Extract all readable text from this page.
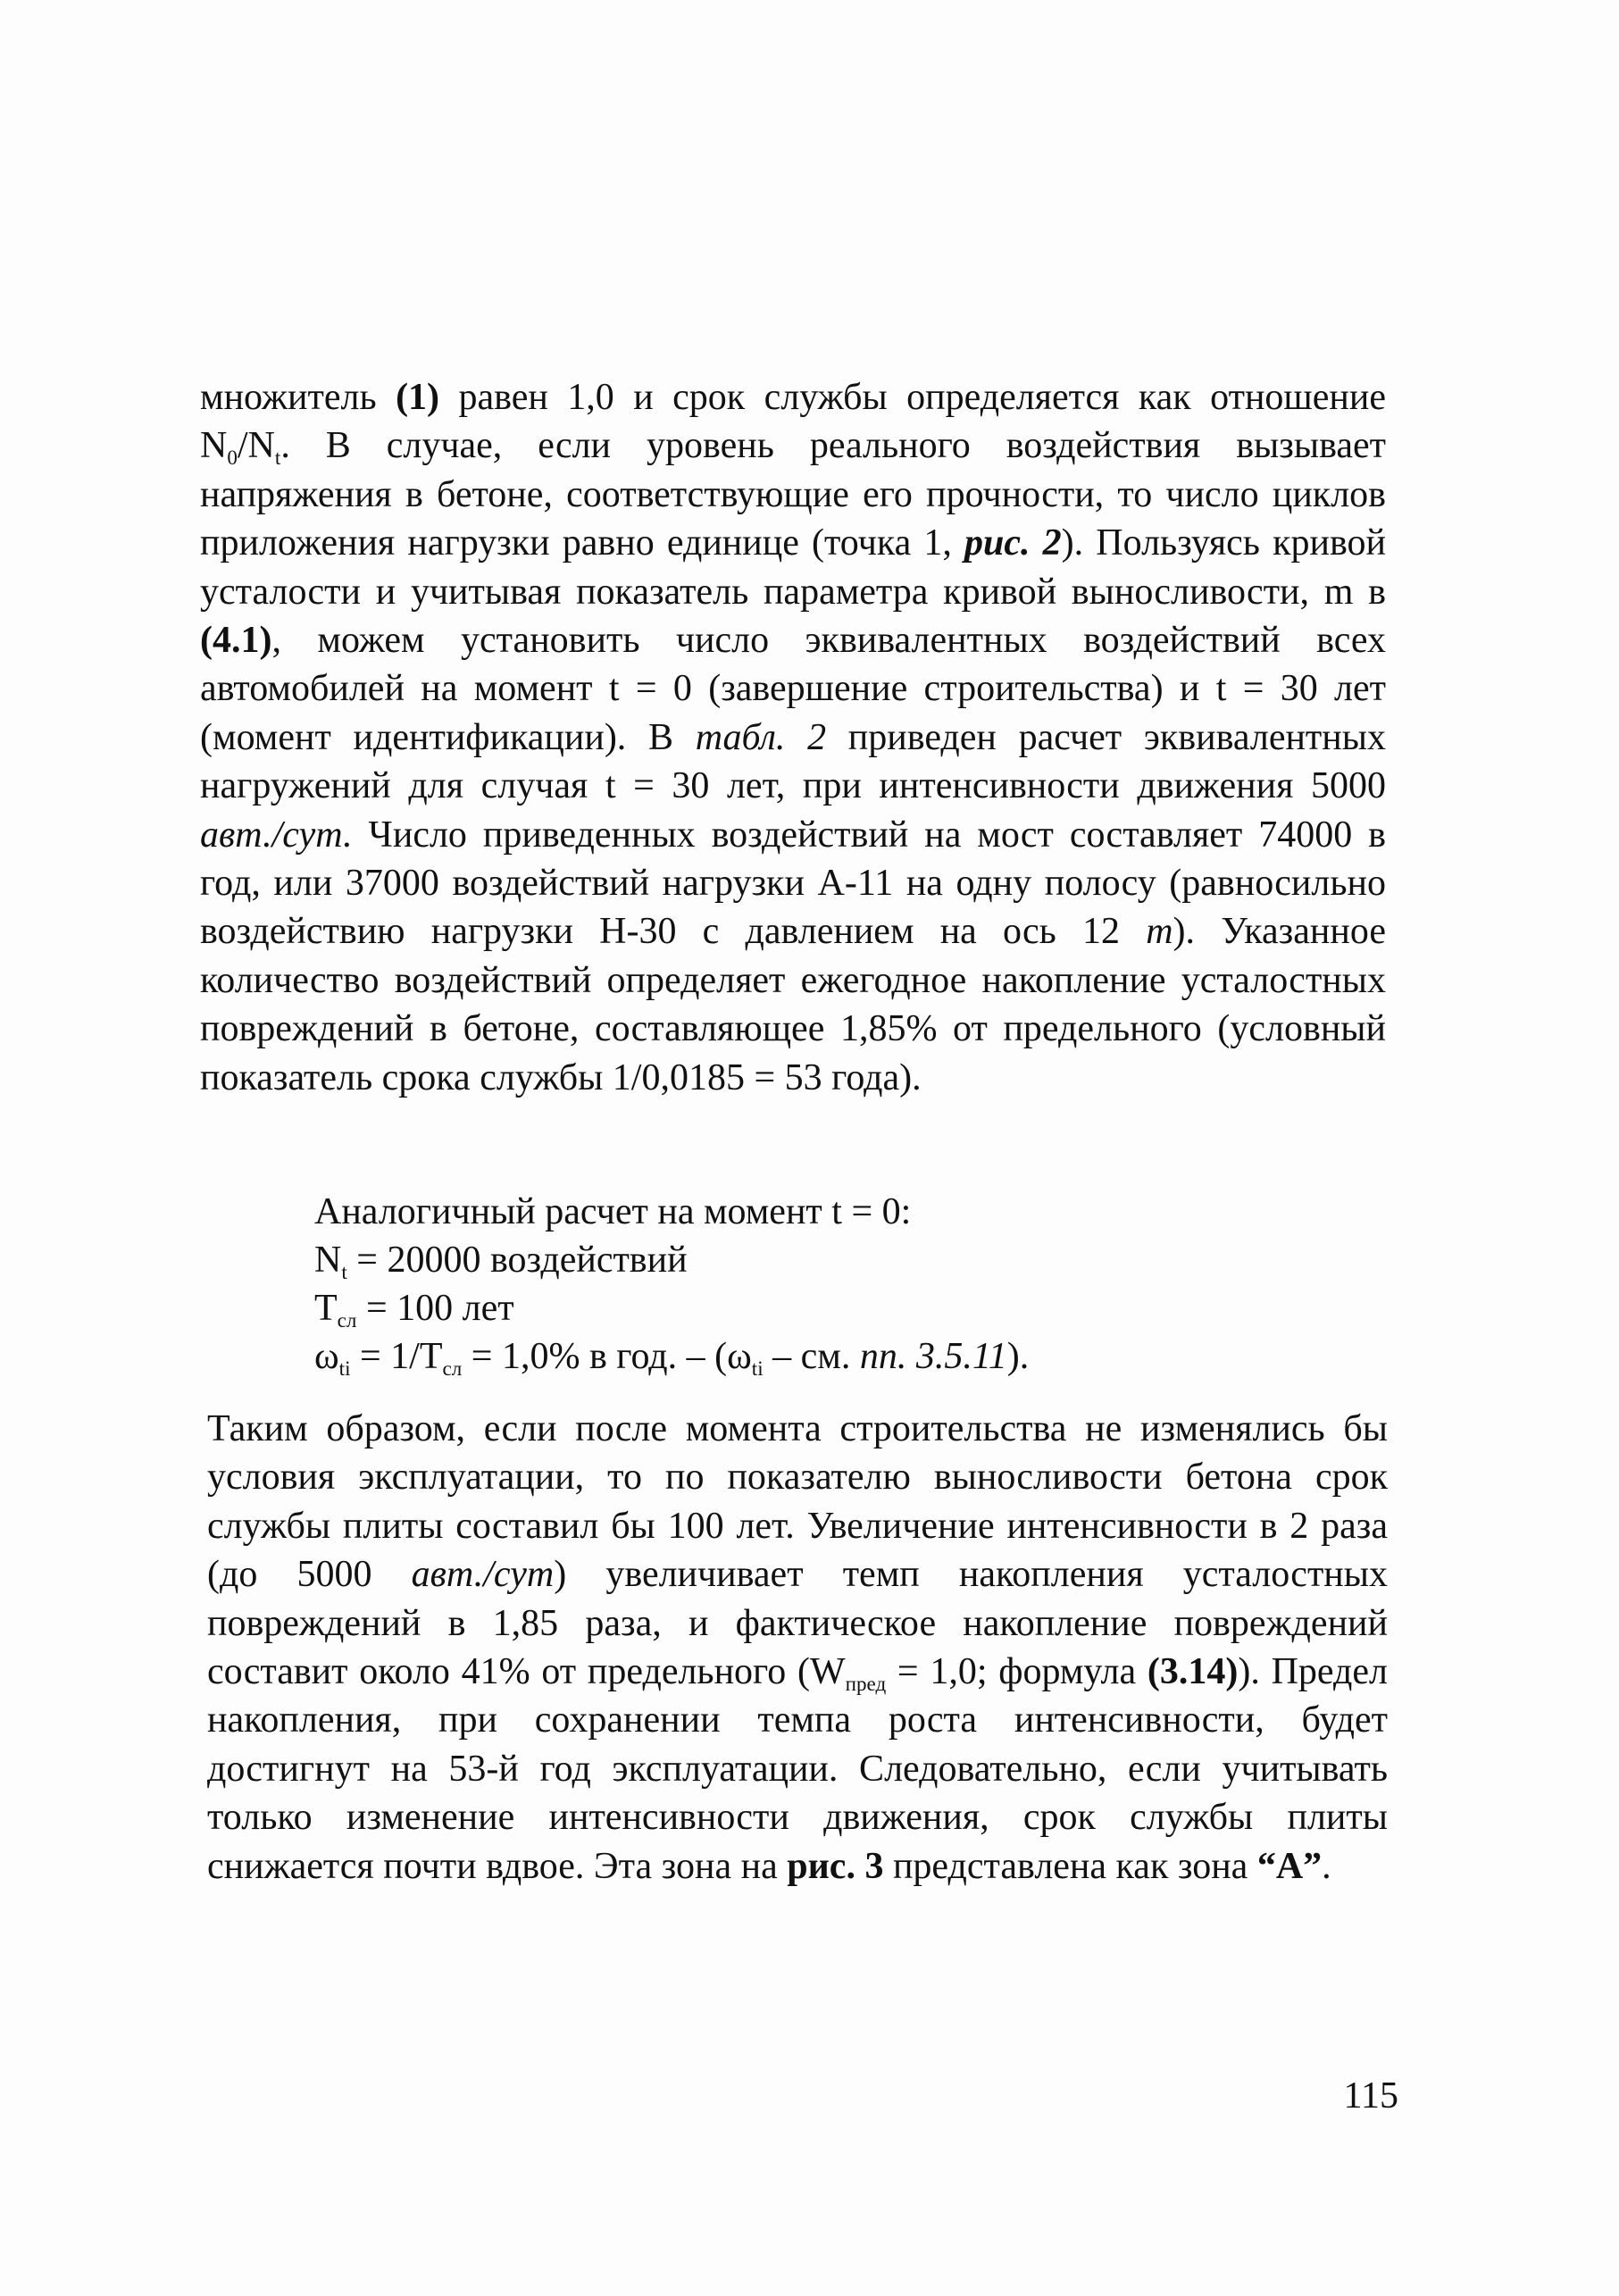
множитель (1) равен 1,0 и срок службы определяется как отношение $N_0/N_t$. В случае, если уровень реального воздействия вызывает напряжения в бетоне, соответствующие его прочности, то число циклов приложения нагрузки равно единице (точка 1, рис. 2). Пользуясь кривой усталости и учитывая показатель параметра кривой выносливости, m в (4.1), можем установить число эквивалентных воздействий всех автомобилей на момент t = 0 (завершение строительства) и t = 30 лет (момент идентификации). В табл. 2 приведен расчет эквивалентных нагружений для случая t = 30 лет, при интенсивности движения 5000 авт./сут. Число приведенных воздействий на мост составляет 74000 в год, или 37000 воздействий нагрузки А-11 на одну полосу (равносильно воздействию нагрузки Н-30 с давлением на ось 12 т). Указанное количество воздействий определяет ежегодное накопление усталостных повреждений в бетоне, составляющее 1,85% от предельного (условный показатель срока службы 1/0,0185 = 53 года).

Аналогичный расчет на момент t = 0:
$N_t = 20000$ воздействий
$T_{сл} = 100$ лет
$\omega_{ti} = 1/T_{сл} = 1,0\%$ в год. – ($\omega_{ti}$ – см. пп. 3.5.11).

Таким образом, если после момента строительства не изменялись бы условия эксплуатации, то по показателю выносливости бетона срок службы плиты составил бы 100 лет. Увеличение интенсивности в 2 раза (до 5000 авт./сут) увеличивает темп накопления усталостных повреждений в 1,85 раза, и фактическое накопление повреждений составит около 41% от предельного ($W_{пред} = 1,0$; формула (3.14)). Предел накопления, при сохранении темпа роста интенсивности, будет достигнут на 53-й год эксплуатации. Следовательно, если учитывать только изменение интенсивности движения, срок службы плиты снижается почти вдвое. Эта зона на рис. 3 представлена как зона “А”.

115
